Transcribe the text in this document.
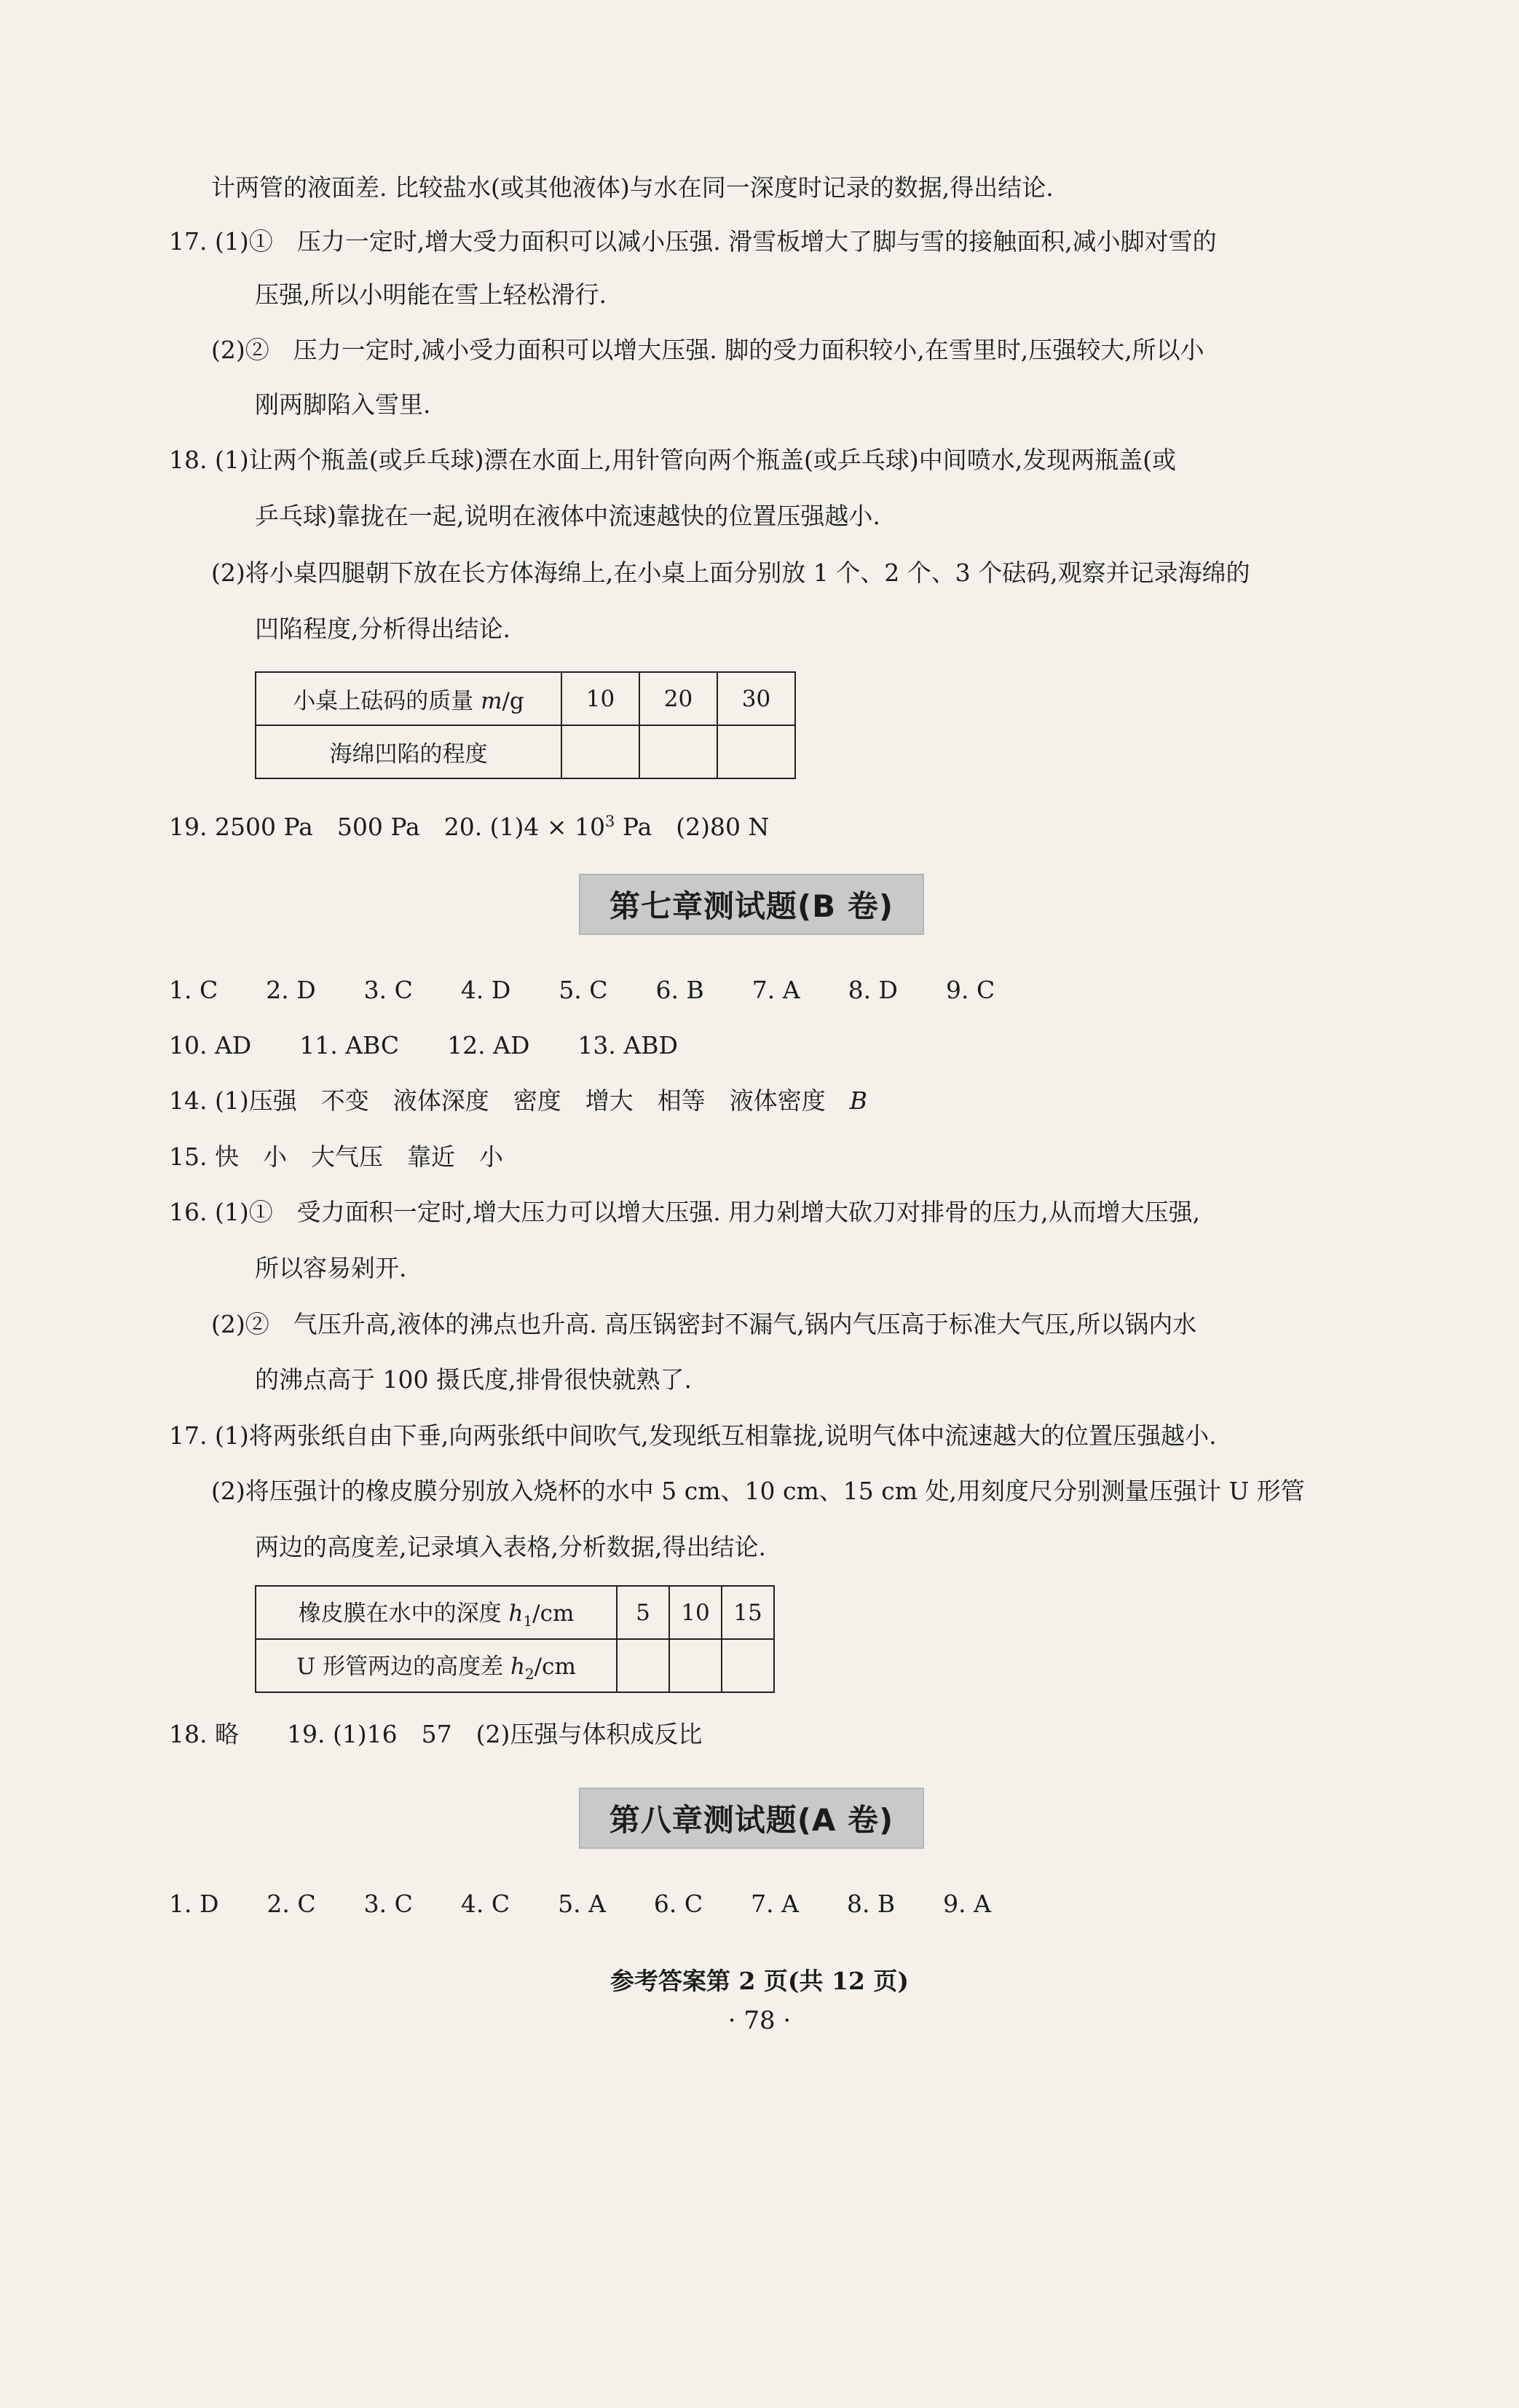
计两管的液面差. 比较盐水(或其他液体)与水在同一深度时记录的数据,得出结论.
17. (1)①　压力一定时,增大受力面积可以减小压强. 滑雪板增大了脚与雪的接触面积,减小脚对雪的
压强,所以小明能在雪上轻松滑行.
(2)②　压力一定时,减小受力面积可以增大压强. 脚的受力面积较小,在雪里时,压强较大,所以小
刚两脚陷入雪里.
18. (1)让两个瓶盖(或乒乓球)漂在水面上,用针管向两个瓶盖(或乒乓球)中间喷水,发现两瓶盖(或
乒乓球)靠拢在一起,说明在液体中流速越快的位置压强越小.
(2)将小桌四腿朝下放在长方体海绵上,在小桌上面分别放 1 个、2 个、3 个砝码,观察并记录海绵的
凹陷程度,分析得出结论.
小桌上砝码的质量 m/g	10	20	30
海绵凹陷的程度			
19. 2500 Pa　500 Pa　20. $(1)4 \times 10^3$ Pa　(2)80 N
第七章测试题(B 卷)
1. C　　2. D　　3. C　　4. D　　5. C　　6. B　　7. A　　8. D　　9. C
10. AD　　11. ABC　　12. AD　　13. ABD
14. (1)压强　不变　液体深度　密度　增大　相等　液体密度　B
15. 快　小　大气压　靠近　小
16. (1)①　受力面积一定时,增大压力可以增大压强. 用力剁增大砍刀对排骨的压力,从而增大压强,
所以容易剁开.
(2)②　气压升高,液体的沸点也升高. 高压锅密封不漏气,锅内气压高于标准大气压,所以锅内水
的沸点高于 100 摄氏度,排骨很快就熟了.
17. (1)将两张纸自由下垂,向两张纸中间吹气,发现纸互相靠拢,说明气体中流速越大的位置压强越小.
(2)将压强计的橡皮膜分别放入烧杯的水中 5 cm、10 cm、15 cm 处,用刻度尺分别测量压强计 U 形管
两边的高度差,记录填入表格,分析数据,得出结论.
橡皮膜在水中的深度 $h_1/cm$	5	10	15
U 形管两边的高度差 $h_2/cm$			
18. 略　　19. (1)16　57　(2)压强与体积成反比
第八章测试题(A 卷)
1. D　　2. C　　3. C　　4. C　　5. A　　6. C　　7. A　　8. B　　9. A
参考答案第 2 页(共 12 页)
· 78 ·
